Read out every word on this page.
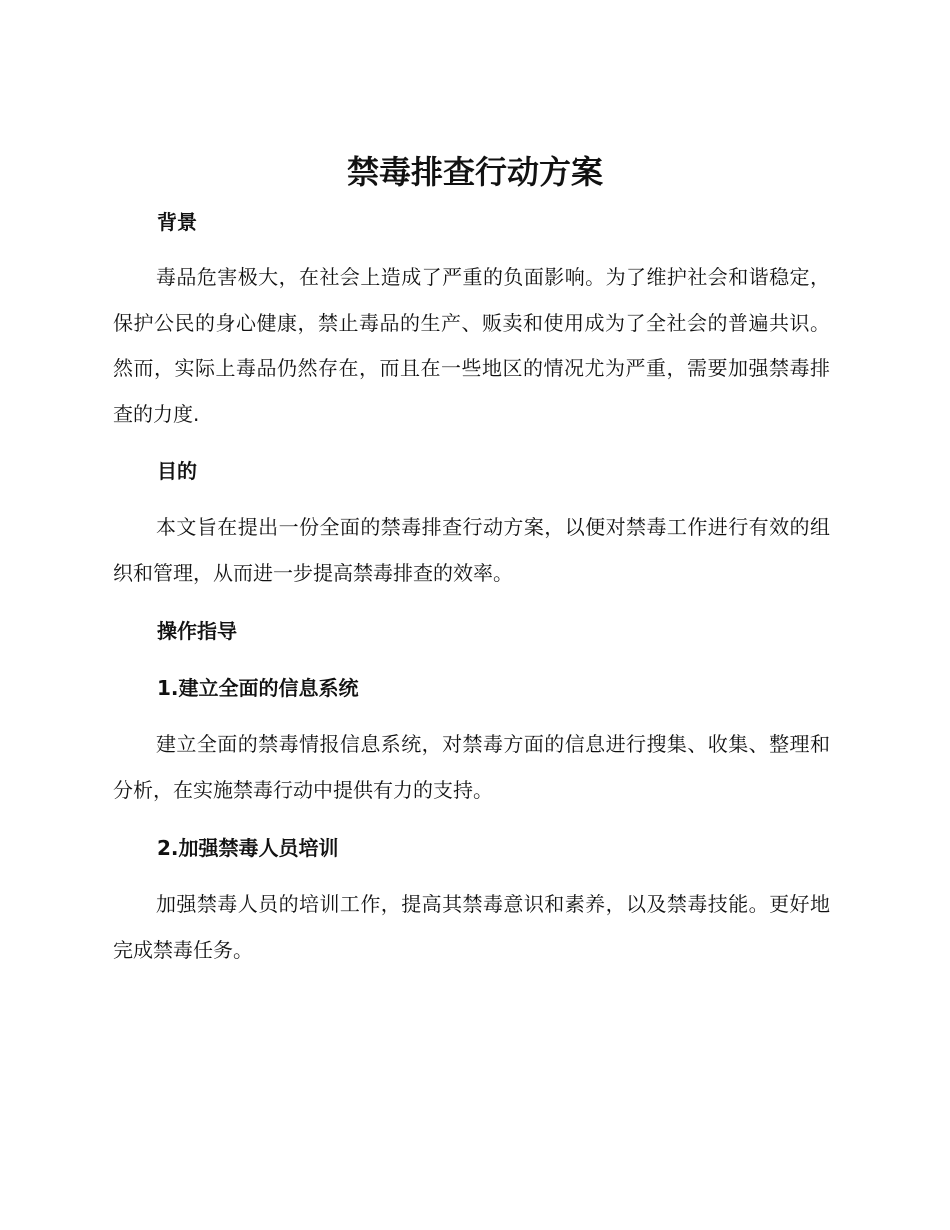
禁毒排查行动方案
背景
毒品危害极大，在社会上造成了严重的负面影响。为了维护社会和谐稳定，保护公民的身心健康，禁止毒品的生产、贩卖和使用成为了全社会的普遍共识。然而，实际上毒品仍然存在，而且在一些地区的情况尤为严重，需要加强禁毒排查的力度.
目的
本文旨在提出一份全面的禁毒排查行动方案，以便对禁毒工作进行有效的组织和管理，从而进一步提高禁毒排查的效率。
操作指导
1.建立全面的信息系统
建立全面的禁毒情报信息系统，对禁毒方面的信息进行搜集、收集、整理和分析，在实施禁毒行动中提供有力的支持。
2.加强禁毒人员培训
加强禁毒人员的培训工作，提高其禁毒意识和素养，以及禁毒技能。更好地完成禁毒任务。
